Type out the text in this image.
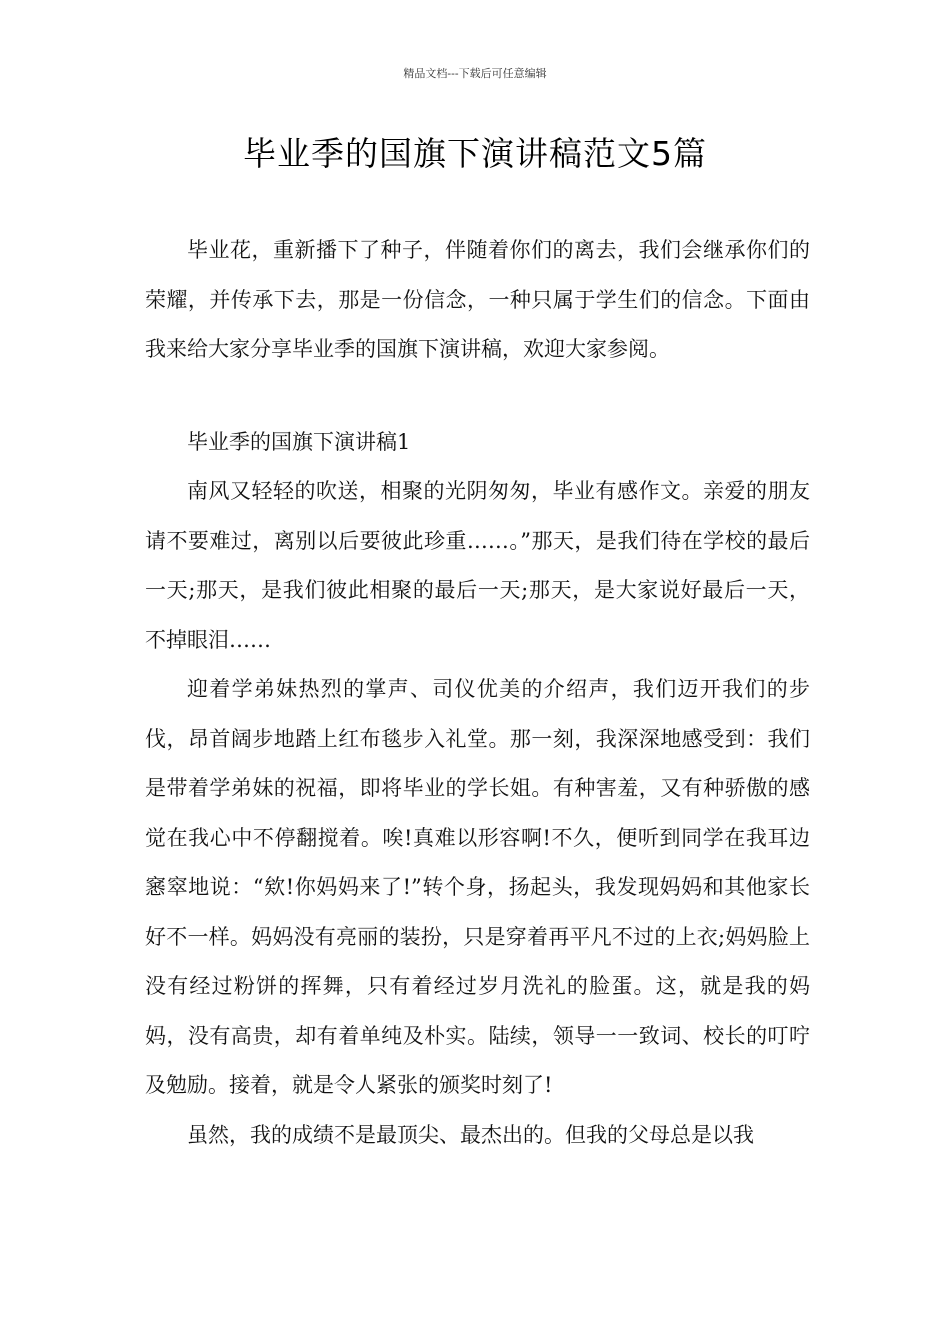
精品文档---下载后可任意编辑
毕业季的国旗下演讲稿范文5篇

毕业花，重新播下了种子，伴随着你们的离去，我们会继承你们的荣耀，并传承下去，那是一份信念，一种只属于学生们的信念。下面由我来给大家分享毕业季的国旗下演讲稿，欢迎大家参阅。

毕业季的国旗下演讲稿1

南风又轻轻的吹送，相聚的光阴匆匆，毕业有感作文。亲爱的朋友请不要难过，离别以后要彼此珍重……。”那天，是我们待在学校的最后一天;那天，是我们彼此相聚的最后一天;那天，是大家说好最后一天，不掉眼泪……

迎着学弟妹热烈的掌声、司仪优美的介绍声，我们迈开我们的步伐，昂首阔步地踏上红布毯步入礼堂。那一刻，我深深地感受到：我们是带着学弟妹的祝福，即将毕业的学长姐。有种害羞，又有种骄傲的感觉在我心中不停翻搅着。唉!真难以形容啊!不久，便听到同学在我耳边窸窣地说：“欸!你妈妈来了!”转个身，扬起头，我发现妈妈和其他家长好不一样。妈妈没有亮丽的装扮，只是穿着再平凡不过的上衣;妈妈脸上没有经过粉饼的挥舞，只有着经过岁月洗礼的脸蛋。这，就是我的妈妈，没有高贵，却有着单纯及朴实。陆续，领导一一致词、校长的叮咛及勉励。接着，就是令人紧张的颁奖时刻了!

虽然，我的成绩不是最顶尖、最杰出的。但我的父母总是以我
